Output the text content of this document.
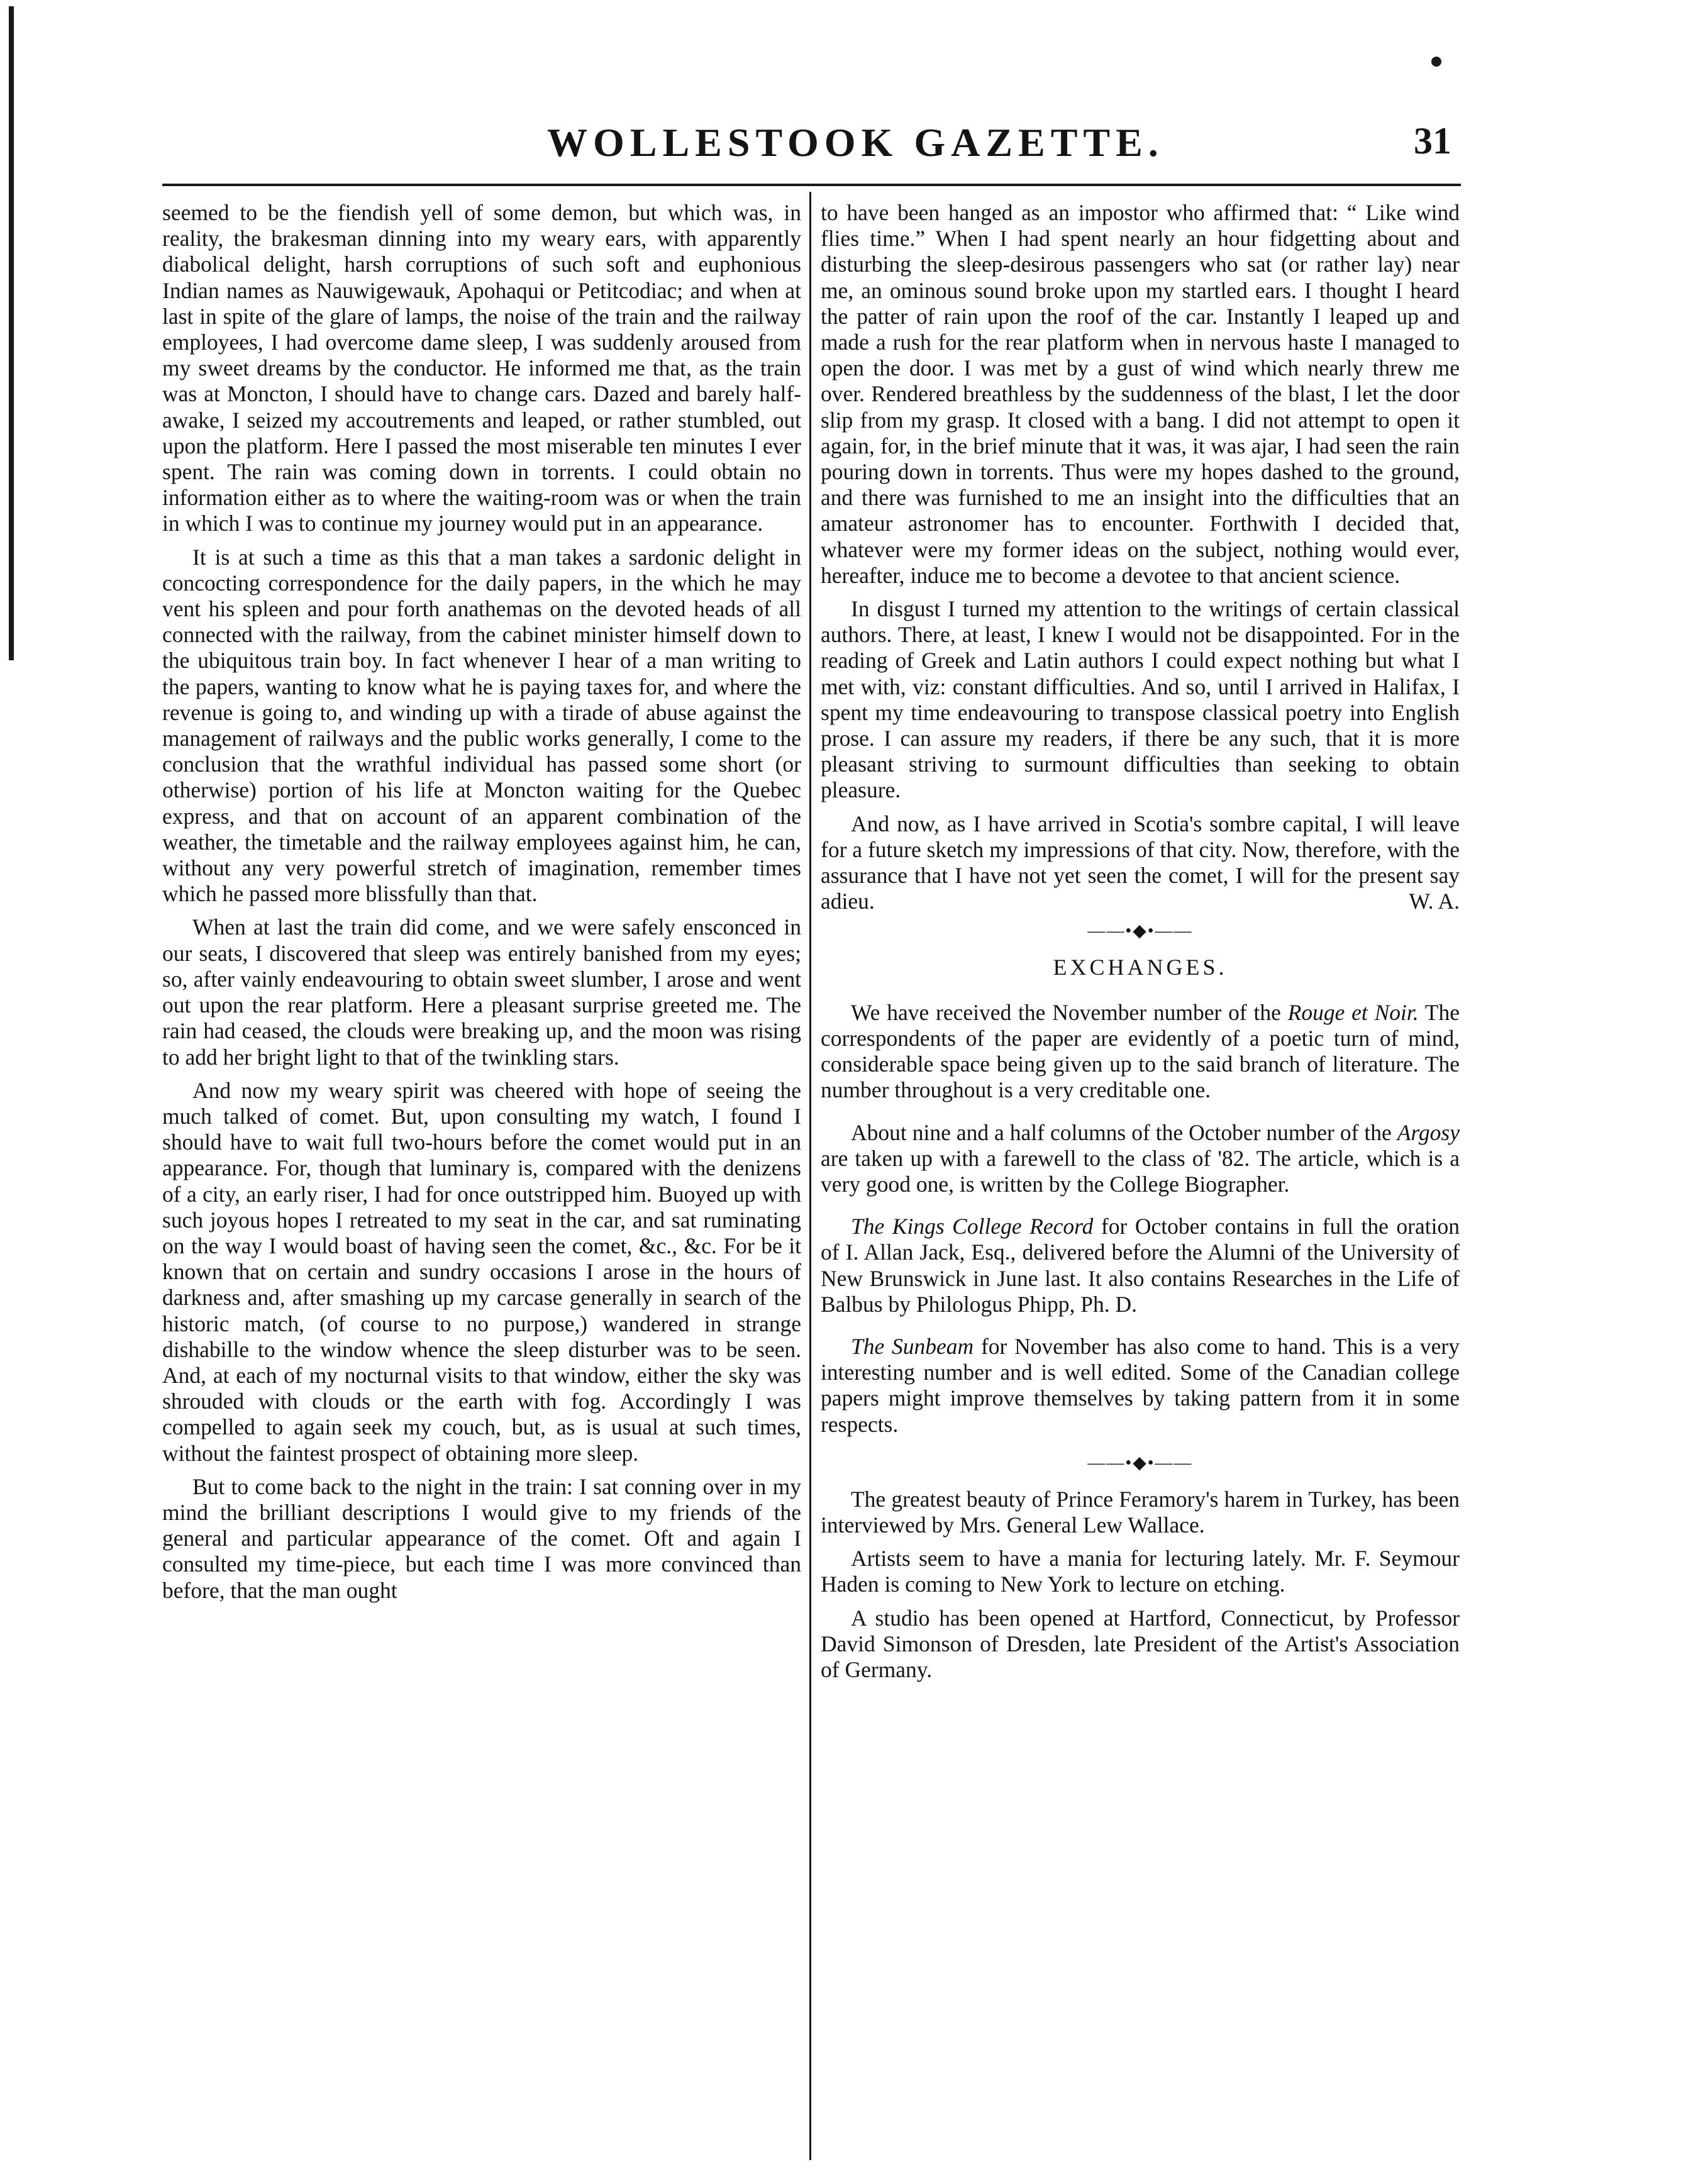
WOLLESTOOK GAZETTE.	31

seemed to be the fiendish yell of some demon, but which was, in reality, the brakesman dinning into my weary ears, with apparently diabolical delight, harsh corruptions of such soft and euphonious Indian names as Nauwigewauk, Apohaqui or Petitcodiac; and when at last in spite of the glare of lamps, the noise of the train and the railway employees, I had overcome dame sleep, I was suddenly aroused from my sweet dreams by the conductor. He informed me that, as the train was at Moncton, I should have to change cars. Dazed and barely half-awake, I seized my accoutrements and leaped, or rather stumbled, out upon the platform. Here I passed the most miserable ten minutes I ever spent. The rain was coming down in torrents. I could obtain no information either as to where the waiting-room was or when the train in which I was to continue my journey would put in an appearance.

It is at such a time as this that a man takes a sardonic delight in concocting correspondence for the daily papers, in the which he may vent his spleen and pour forth anathemas on the devoted heads of all connected with the railway, from the cabinet minister himself down to the ubiquitous train boy. In fact whenever I hear of a man writing to the papers, wanting to know what he is paying taxes for, and where the revenue is going to, and winding up with a tirade of abuse against the management of railways and the public works generally, I come to the conclusion that the wrathful individual has passed some short (or otherwise) portion of his life at Moncton waiting for the Quebec express, and that on account of an apparent combination of the weather, the timetable and the railway employees against him, he can, without any very powerful stretch of imagination, remember times which he passed more blissfully than that.

When at last the train did come, and we were safely ensconced in our seats, I discovered that sleep was entirely banished from my eyes; so, after vainly endeavouring to obtain sweet slumber, I arose and went out upon the rear platform. Here a pleasant surprise greeted me. The rain had ceased, the clouds were breaking up, and the moon was rising to add her bright light to that of the twinkling stars.

And now my weary spirit was cheered with hope of seeing the much talked of comet. But, upon consulting my watch, I found I should have to wait full two-hours before the comet would put in an appearance. For, though that luminary is, compared with the denizens of a city, an early riser, I had for once outstripped him. Buoyed up with such joyous hopes I retreated to my seat in the car, and sat ruminating on the way I would boast of having seen the comet, &c., &c. For be it known that on certain and sundry occasions I arose in the hours of darkness and, after smashing up my carcase generally in search of the historic match, (of course to no purpose,) wandered in strange dishabille to the window whence the sleep disturber was to be seen. And, at each of my nocturnal visits to that window, either the sky was shrouded with clouds or the earth with fog. Accordingly I was compelled to again seek my couch, but, as is usual at such times, without the faintest prospect of obtaining more sleep.

But to come back to the night in the train: I sat conning over in my mind the brilliant descriptions I would give to my friends of the general and particular appearance of the comet. Oft and again I consulted my time-piece, but each time I was more convinced than before, that the man ought

to have been hanged as an impostor who affirmed that: “ Like wind flies time.” When I had spent nearly an hour fidgetting about and disturbing the sleep-desirous passengers who sat (or rather lay) near me, an ominous sound broke upon my startled ears. I thought I heard the patter of rain upon the roof of the car. Instantly I leaped up and made a rush for the rear platform when in nervous haste I managed to open the door. I was met by a gust of wind which nearly threw me over. Rendered breathless by the suddenness of the blast, I let the door slip from my grasp. It closed with a bang. I did not attempt to open it again, for, in the brief minute that it was, it was ajar, I had seen the rain pouring down in torrents. Thus were my hopes dashed to the ground, and there was furnished to me an insight into the difficulties that an amateur astronomer has to encounter. Forthwith I decided that, whatever were my former ideas on the subject, nothing would ever, hereafter, induce me to become a devotee to that ancient science.

In disgust I turned my attention to the writings of certain classical authors. There, at least, I knew I would not be disappointed. For in the reading of Greek and Latin authors I could expect nothing but what I met with, viz: constant difficulties. And so, until I arrived in Halifax, I spent my time endeavouring to transpose classical poetry into English prose. I can assure my readers, if there be any such, that it is more pleasant striving to surmount difficulties than seeking to obtain pleasure.

And now, as I have arrived in Scotia's sombre capital, I will leave for a future sketch my impressions of that city. Now, therefore, with the assurance that I have not yet seen the comet, I will for the present say adieu.	W. A.

——•◆•——
EXCHANGES.

We have received the November number of the Rouge et Noir. The correspondents of the paper are evidently of a poetic turn of mind, considerable space being given up to the said branch of literature. The number throughout is a very creditable one.

About nine and a half columns of the October number of the Argosy are taken up with a farewell to the class of '82. The article, which is a very good one, is written by the College Biographer.

The Kings College Record for October contains in full the oration of I. Allan Jack, Esq., delivered before the Alumni of the University of New Brunswick in June last. It also contains Researches in the Life of Balbus by Philologus Phipp, Ph. D.

The Sunbeam for November has also come to hand. This is a very interesting number and is well edited. Some of the Canadian college papers might improve themselves by taking pattern from it in some respects.

——•◆•——

The greatest beauty of Prince Feramory's harem in Turkey, has been interviewed by Mrs. General Lew Wallace.

Artists seem to have a mania for lecturing lately. Mr. F. Seymour Haden is coming to New York to lecture on etching.

A studio has been opened at Hartford, Connecticut, by Professor David Simonson of Dresden, late President of the Artist's Association of Germany.
